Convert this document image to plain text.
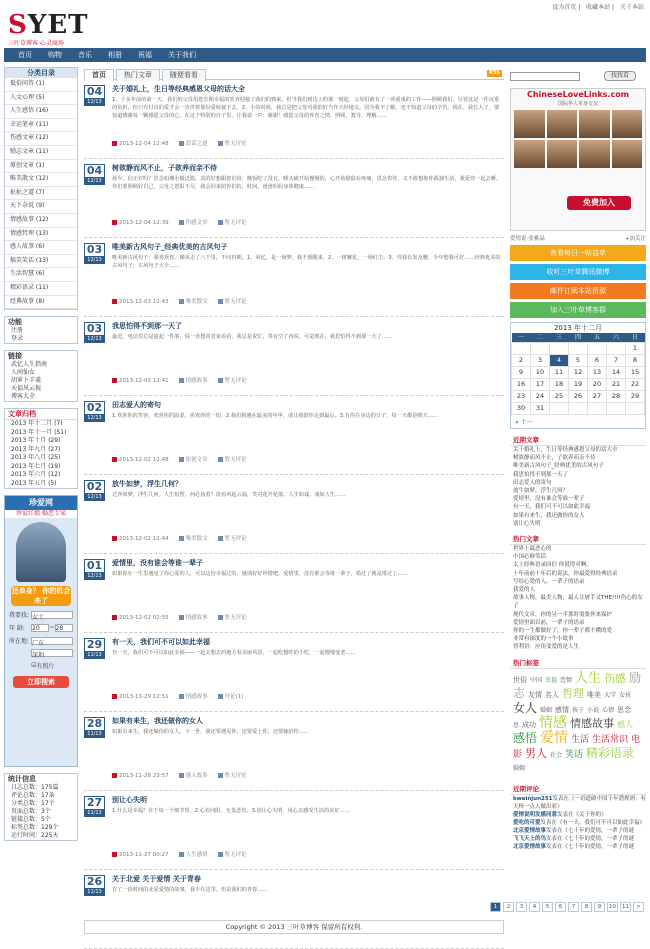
设为首页 | 收藏本站 | 关于本站
SYET
三叶草博客·心灵商场
首页	购物	音乐	相册	祝福	关于我们
分类目录
低俗问答 (1)
人文心理 (5)
人生感悟 (16)
幸运笔章 (11)
伤感文章 (12)
励志文章 (11)
原创文章 (1)
唯美散文 (12)
扯扯之道 (7)
天下杂说 (9)
情感故事 (12)
情感哲理 (13)
感人故事 (6)
搞笑笑话 (13)
生活智慧 (6)
精彩语录 (11)
经典故事 (8)
功能
注册
登录
链接
武忆人生指南
人间仙女
胡萝卜羊羹
天福风云视
博客大全
文章归档
2013 年十二月 (7)
2013 年十一月 (51)
2013 年十月 (29)
2013 年九月 (27)
2013 年八月 (25)
2013 年七月 (19)
2013 年六月 (12)
2013 年五月 (5)
珍爱网
珍爱红娘 婚恋专家
还单身？ 你的机会来了
我要找: 女士
年 龄:	20	~ 28
所在地: 广东
深圳
☑ 有照片
立即搜索
统计信息
日志总数：175篇
评论总数：17条
分类总数：17个
页面总数：3个
链接总数：5个
标签总数：129个
运行时间：225天
首页	热门文章	随便看看	RSS
04
12/13
关于婚礼上，生日等经典感恩父母的话大全
1、十多年前的第一天，我们的父母用您长期幸福的笑容迎接了我们的到来。但当我们到达上的那一刻起，父母们就有了一项重重的工作——照顾我们。尽管这是一件沉重的负担，但只有付出的爱才会一直伴着那份爱转接下去。2、小的时候，我总是把父母对我的好当作天经地义，因为我不了解，也不知道父母的辛苦。现在，我长大了，要知道感谢每一颗感恩父母的心，在这个特别的日子里，让我说一声：谢谢！感恩父母的养育之情，照顾，教导，理解……
2013-12-04 12:48	浪话之道	暂无评论
04
12/13
树欲静而风不止，子欲养而亲不待
孙少，信正好吗？思念如潮水般泛滥，真的好想跟您们说：晚饭吃了没有。睡头痛开始慢慢的，心开始隐隐在疼痛，思念着你，又不敢想象你孤独生活，我爱你一起去睡。你们要照顾好自己，父母之恩报不尽，我会回来陪你们的，时间，爸爸妈妈身体健康……
2013-12-04 12:39	伤感文章	暂无评论
03
12/13
唯美新古风句子_经典优美的古风句子
唯美新古风句子：我喜欢你，像风走了八千里，不问归期。1、回忆，是一场梦，我不愿醒来。2、一树繁花，一场红尘。3、待我长发及腰，少年娶我可好……经典优美的古风句子，古风句子大全……
2013-12-03 12:43	唯美散文	暂无评论
03
12/13
我思怕得不到那一天了
最近，电话里总是提起一件事，说一直想回老家看看，我总是说忙，等有空了再说。可是现在，我思怕得不到那一天了……
2013-12-03 12:41	情感故事	暂无评论
02
12/13
田志爱人的寄句
1.欢喜你的笑容，欢喜你的温柔，喜欢你的一切。2.我们相遇在最美的年华，请让我陪你走到最后。3.有你在身边的日子，每一天都是晴天……
2013-12-02 12:48	原创文章	暂无评论
02
12/13
放牛如梦，浮生几何？
过客如梦，浮生几何。人生短暂，何必执着？淡看风起云涌，笑对花开花落。人生如戏，戏如人生……
2013-12-02 12:44	唯美散文	暂无评论
01
12/13
爱情里，没有谁会等谁一辈子
如果你在一生里遇见了你心爱的人，可以这份幸福过的，就请好好珍惜吧。爱情里，没有谁会等谁一辈子，错过了就是错过了……
2013-12-02 02:55	情感故事	暂无评论
29
11/13
有一天，我们可不可以如此幸福
有一天，我们可不可以如此幸福——一起去想去的地方看美丽风景，一起吃想吃的小吃，一起慢慢变老……
2013-11-29 12:51	情感故事	评论(1)
28
11/13
如果有来生，我还做你的女人
如果有来生，我还做你的女人。下一世，我还要遇见你，还要爱上你，还要嫁给你……
2013-11-28 23:57	感人故事	暂无评论
27
11/13
别让心失明
1.什么是幸福？在于每一个细节里。2.心若向阳，无畏悲伤。3.别让心失明，用心去感受生活的美好……
2013-11-27 00:27	人生感悟	暂无评论
26
11/13
关于北爱 关于爱情 关于青春
有了一段时间的北爱爱情的故事，我不在这里，但是我们的青春……
1	2	3	4	5	6	7	8	9	10	11	>
找找看
ChineseLoveLinks.com
国际华人单身交友
免费加入
爱情说·张雅晶	+加关注
查看每日一帖益单
收听三叶草腾讯微博
邮件订阅本站资源
加入三叶草博客群
2013 年十二月
一	二	三	四	五	六	日
						1
2	3	4	5	6	7	8
9	10	11	12	13	14	15
16	17	18	19	20	21	22
23	24	25	26	27	28	29
30	31					
« 十一
近期文章
关于婚礼上，生日等经典感恩父母的话大全
树欲静而风不止，子欲养而亲不待
唯美新古风句子_经典优美的古风句子
我思怕得不到那一天了
田志爱人的寄句
放牛如梦，浮生几何？
爱情里，没有谁会等谁一辈子
有一天，我们可不可以如此幸福
如果有来生，我还做你的女人
别让心失明
热门文章
世界上最恶心的
中国必修笑话
太上经典语录回信 你说得对啊。
十年前前十年后的说法，你最爱得经典语录
写给心爱的人，一辈子的语录
我爱的人
故事人物，最美人物，最人让屠手又THE!!!!伤心的女子
现代文章，你的另一半那时需要你来保护
爱情里面以前，一辈子的语录
你的一生都做好了，你一辈子都不懂的爱
非常有深度的一个小故事
智利语：应用变爱的是人生
热门标签
世俗 中国 幸福 恋情 人生 伤感 励志 友情 名人 哲理 唯美 大学 女孩女人 婚姻 感情 孩子 小说 心情 思念思 成功 情感 情感故事 感人感悟 爱情 生活 生活常识 电影 男人 社会 笑话 精彩语录婚姻
近期评论
kweinjun251发表在《一语道破中国千年潜规则：有天棒一点人做出彩》
爱情说明发感同意发表在《关于你的》
爱吃的可爱发表在《有一天，我们可不可以如此幸福》
北京爱情故事发表在《七十年的爱情，一辈子的谜
飞飞天上的鸟发表在《七十年的爱情，一辈子的谜
北京爱情故事发表在《七十年的爱情，一辈子的谜
Copyright © 2013 三叶草博客 保留所有权利.
